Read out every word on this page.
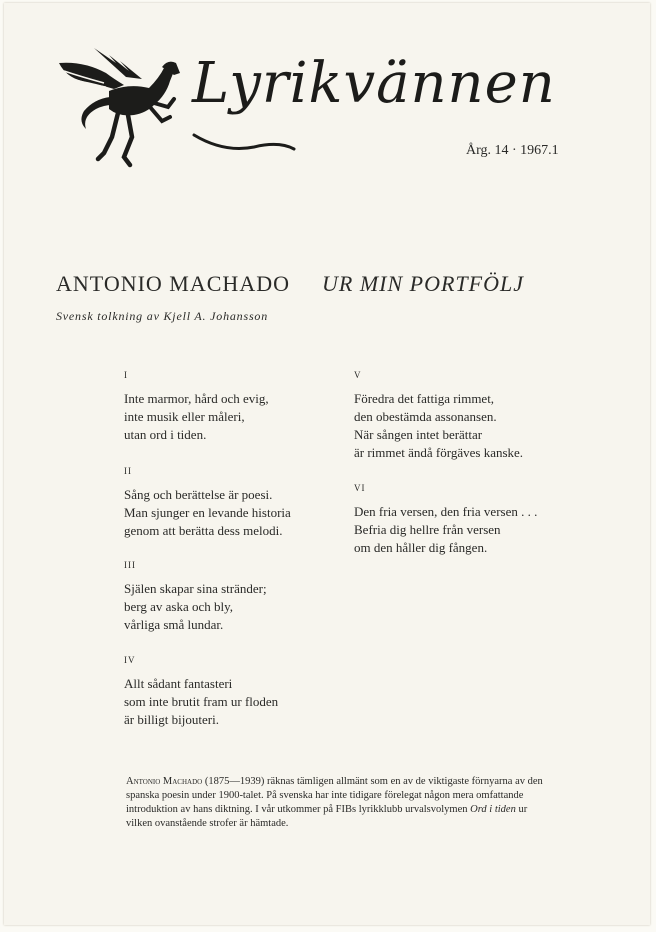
Lyrikvännen
Årg. 14 · 1967.1
ANTONIO MACHADO UR MIN PORTFÖLJ
Svensk tolkning av Kjell A. Johansson
I
Inte marmor, hård och evig,
inte musik eller måleri,
utan ord i tiden.
II
Sång och berättelse är poesi.
Man sjunger en levande historia
genom att berätta dess melodi.
III
Själen skapar sina stränder;
berg av aska och bly,
vårliga små lundar.
IV
Allt sådant fantasteri
som inte brutit fram ur floden
är billigt bijouteri.
V
Föredra det fattiga rimmet,
den obestämda assonansen.
När sången intet berättar
är rimmet ändå förgäves kanske.
VI
Den fria versen, den fria versen . . .
Befria dig hellre från versen
om den håller dig fången.
Antonio Machado (1875—1939) räknas tämligen allmänt som en av de viktigaste förnyarna av den spanska poesin under 1900-talet. På svenska har inte tidigare förelegat någon mera omfattande introduktion av hans diktning. I vår utkommer på FIBs lyrikklubb urvalsvolymen Ord i tiden ur vilken ovanstående strofer är hämtade.
